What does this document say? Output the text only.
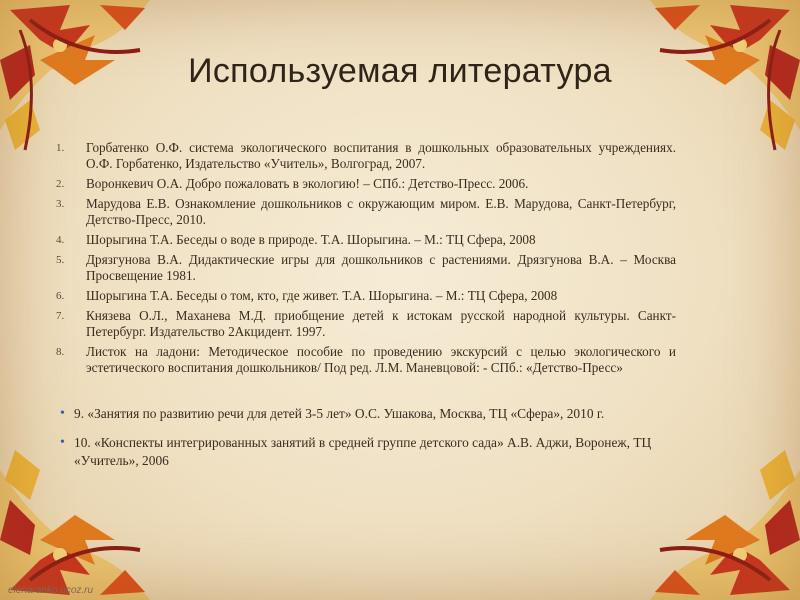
Используемая литература
1. Горбатенко О.Ф. система экологического воспитания в дошкольных образовательных учреждениях. О.Ф. Горбатенко, Издательство «Учитель», Волгоград, 2007.
2. Воронкевич О.А. Добро пожаловать в экологию! – СПб.: Детство-Пресс. 2006.
3. Марудова Е.В. Ознакомление дошкольников с окружающим миром. Е.В. Марудова, Санкт-Петербург, Детство-Пресс, 2010.
4. Шорыгина Т.А. Беседы о воде в природе. Т.А. Шорыгина. – М.: ТЦ Сфера, 2008
5. Дрязгунова В.А. Дидактические игры для дошкольников с растениями. Дрязгунова В.А. – Москва Просвещение 1981.
6. Шорыгина Т.А. Беседы о том, кто, где живет. Т.А. Шорыгина. – М.: ТЦ Сфера, 2008
7. Князева О.Л., Маханева М.Д. приобщение детей к истокам русской народной культуры. Санкт-Петербург. Издательство 2Акцидент. 1997.
8. Листок на ладони: Методическое пособие по проведению экскурсий с целью экологического и эстетического воспитания дошкольников/ Под ред. Л.М. Маневцовой: - СПб.: «Детство-Пресс»
• 9. «Занятия по развитию речи для детей 3-5 лет» О.С. Ушакова, Москва, ТЦ «Сфера», 2010 г.
• 10. «Конспекты интегрированных занятий в средней группе детского сада» А.В. Аджи, Воронеж, ТЦ «Учитель», 2006
elenaranko.ucoz.ru
